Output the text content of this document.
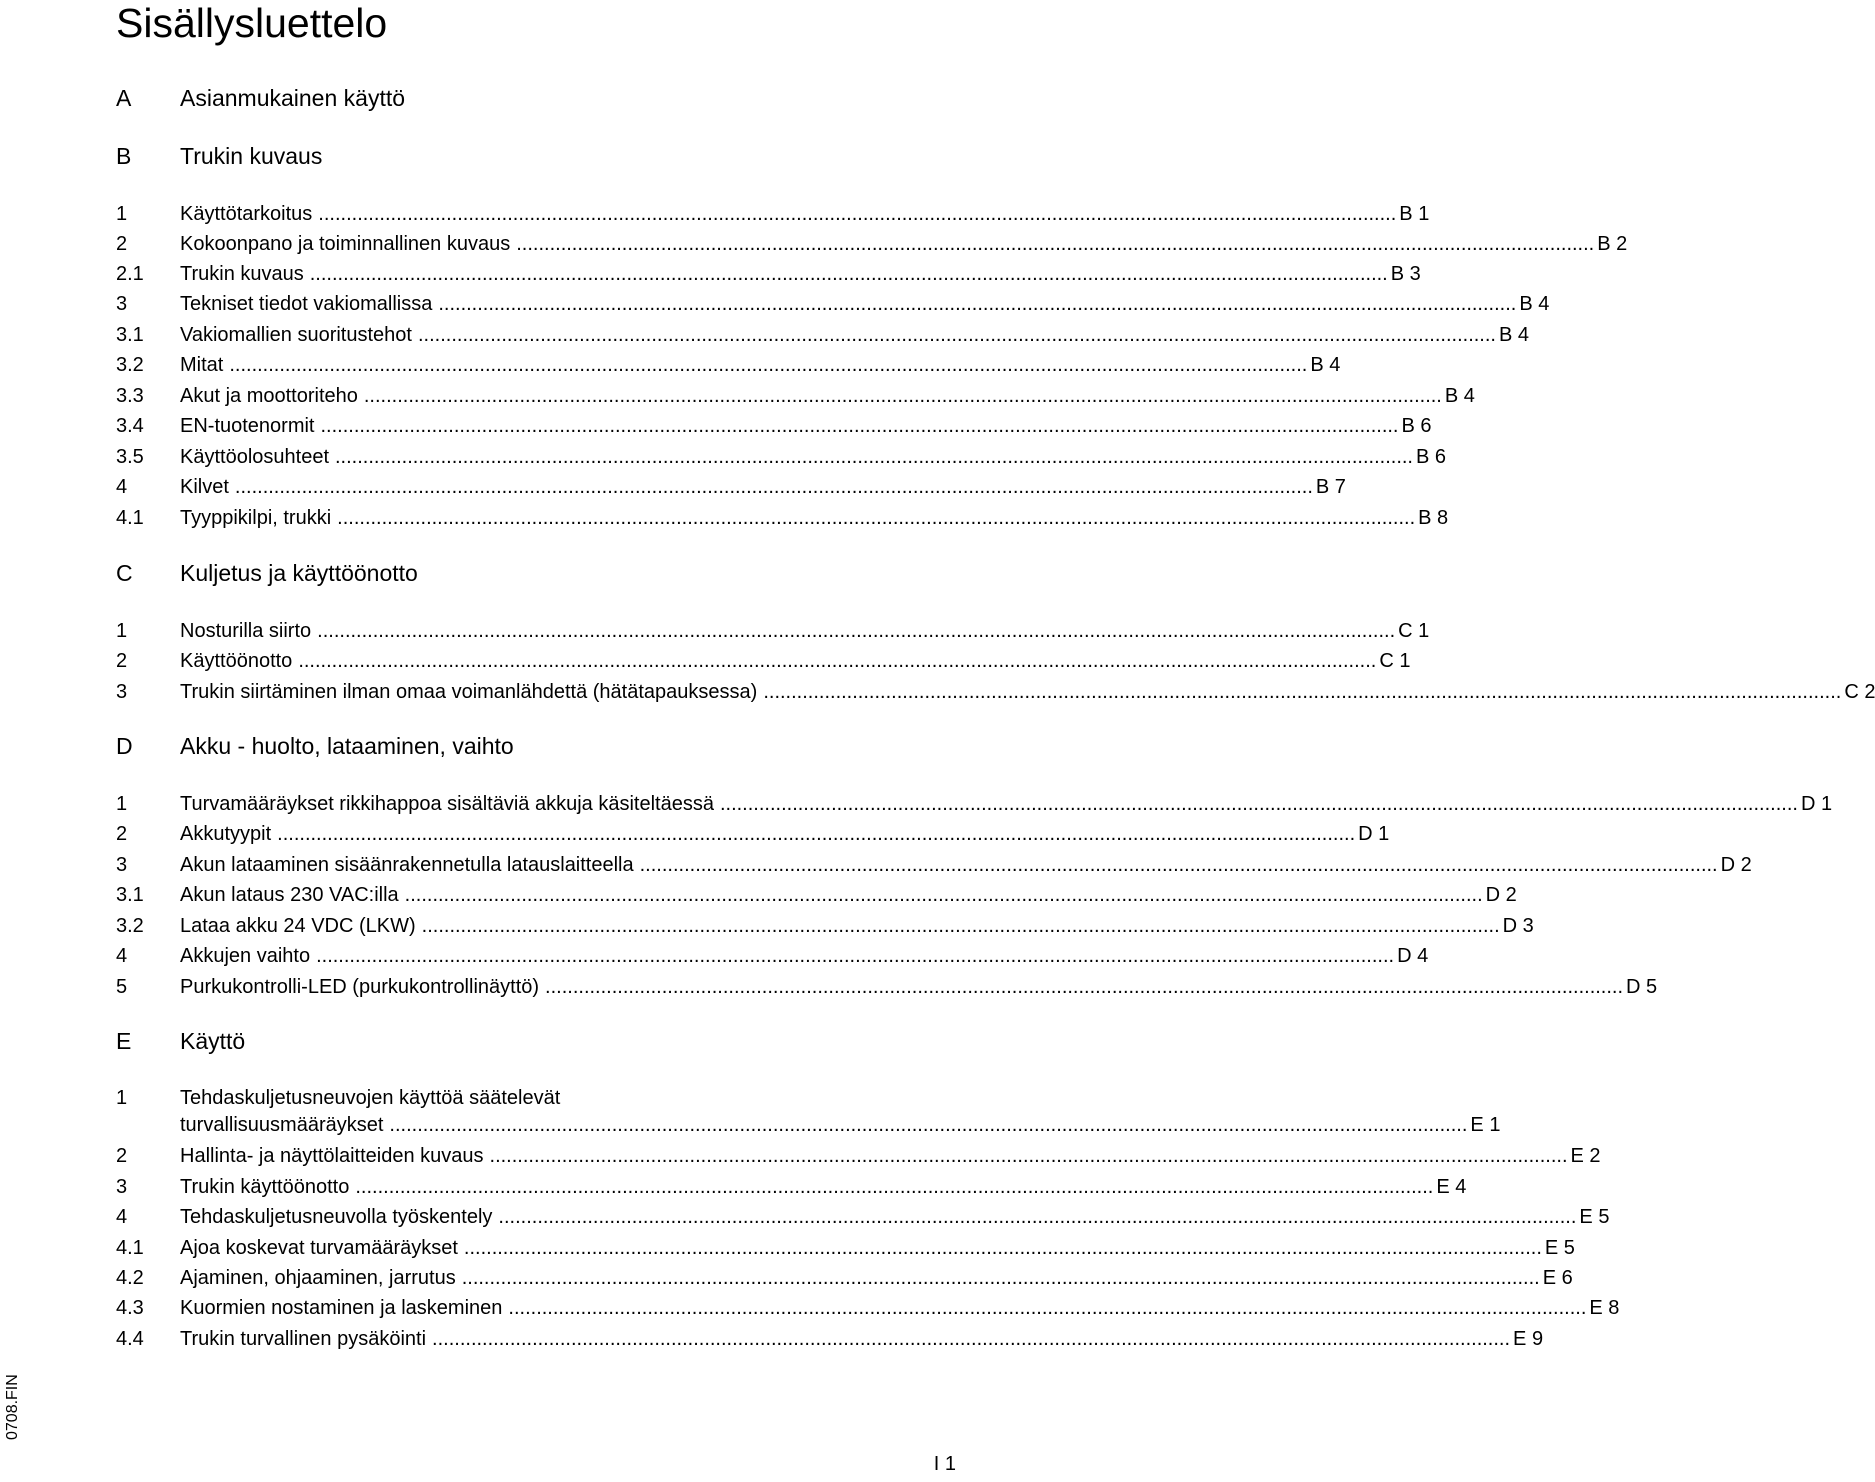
Sisällysluettelo
A	Asianmukainen käyttö
B	Trukin kuvaus
1	Käyttötarkoitus .................................................................................................................................................................................................. B 1
2	Kokoonpano ja toiminnallinen kuvaus .................................................................................................................................................................................................. B 2
2.1	Trukin kuvaus .................................................................................................................................................................................................. B 3
3	Tekniset tiedot vakiomallissa .................................................................................................................................................................................................. B 4
3.1	Vakiomallien suoritustehot .................................................................................................................................................................................................. B 4
3.2	Mitat .................................................................................................................................................................................................. B 4
3.3	Akut ja moottoriteho .................................................................................................................................................................................................. B 4
3.4	EN-tuotenormit .................................................................................................................................................................................................. B 6
3.5	Käyttöolosuhteet .................................................................................................................................................................................................. B 6
4	Kilvet .................................................................................................................................................................................................. B 7
4.1	Tyyppikilpi, trukki .................................................................................................................................................................................................. B 8
C	Kuljetus ja käyttöönotto
1	Nosturilla siirto .................................................................................................................................................................................................. C 1
2	Käyttöönotto .................................................................................................................................................................................................. C 1
3	Trukin siirtäminen ilman omaa voimanlähdettä (hätätapauksessa) .................................................................................................................................................................................................. C 2
D	Akku - huolto, lataaminen, vaihto
1	Turvamääräykset rikkihappoa sisältäviä akkuja käsiteltäessä .................................................................................................................................................................................................. D 1
2	Akkutyypit .................................................................................................................................................................................................. D 1
3	Akun lataaminen sisäänrakennetulla latauslaitteella .................................................................................................................................................................................................. D 2
3.1	Akun lataus 230 VAC:illa .................................................................................................................................................................................................. D 2
3.2	Lataa akku 24 VDC (LKW) .................................................................................................................................................................................................. D 3
4	Akkujen vaihto .................................................................................................................................................................................................. D 4
5	Purkukontrolli-LED (purkukontrollinäyttö) .................................................................................................................................................................................................. D 5
E	Käyttö
1	Tehdaskuljetusneuvojen käyttöä säätelevät
turvallisuusmääräykset .................................................................................................................................................................................................. E 1
2	Hallinta- ja näyttölaitteiden kuvaus .................................................................................................................................................................................................. E 2
3	Trukin käyttöönotto .................................................................................................................................................................................................. E 4
4	Tehdaskuljetusneuvolla työskentely .................................................................................................................................................................................................. E 5
4.1	Ajoa koskevat turvamääräykset .................................................................................................................................................................................................. E 5
4.2	Ajaminen, ohjaaminen, jarrutus .................................................................................................................................................................................................. E 6
4.3	Kuormien nostaminen ja laskeminen .................................................................................................................................................................................................. E 8
4.4	Trukin turvallinen pysäköinti .................................................................................................................................................................................................. E 9
0708.FIN
I 1
